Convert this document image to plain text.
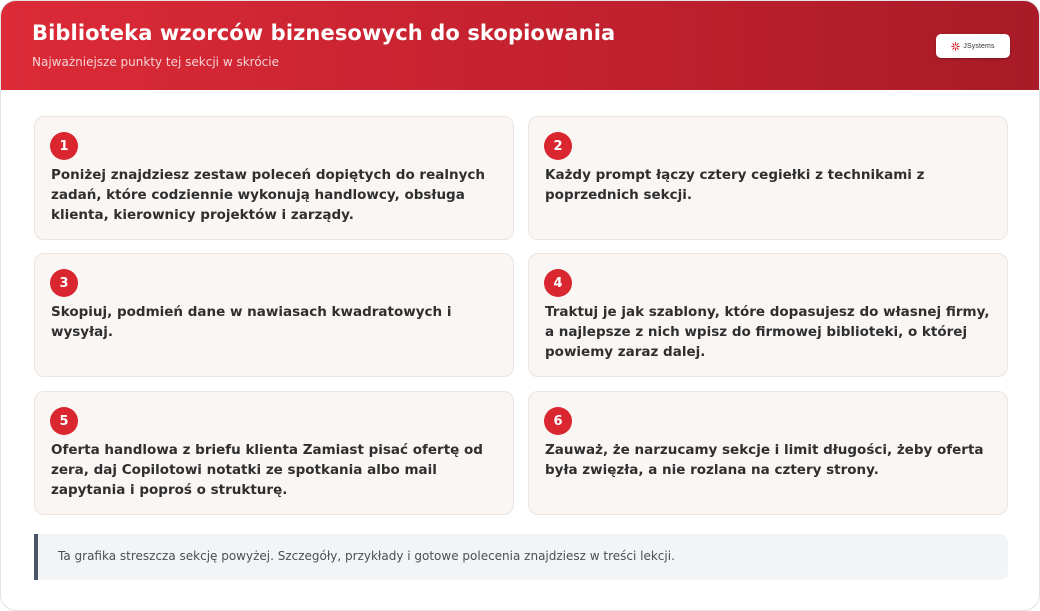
Biblioteka wzorców biznesowych do skopiowania
Najważniejsze punkty tej sekcji w skrócie
JSystems
1
Poniżej znajdziesz zestaw poleceń dopiętych do realnych zadań, które codziennie wykonują handlowcy, obsługa klienta, kierownicy projektów i zarządy.
2
Każdy prompt łączy cztery cegiełki z technikami z poprzednich sekcji.
3
Skopiuj, podmień dane w nawiasach kwadratowych i wysyłaj.
4
Traktuj je jak szablony, które dopasujesz do własnej firmy, a najlepsze z nich wpisz do firmowej biblioteki, o której powiemy zaraz dalej.
5
Oferta handlowa z briefu klienta Zamiast pisać ofertę od zera, daj Copilotowi notatki ze spotkania albo mail zapytania i poproś o strukturę.
6
Zauważ, że narzucamy sekcje i limit długości, żeby oferta była zwięzła, a nie rozlana na cztery strony.
Ta grafika streszcza sekcję powyżej. Szczegóły, przykłady i gotowe polecenia znajdziesz w treści lekcji.
